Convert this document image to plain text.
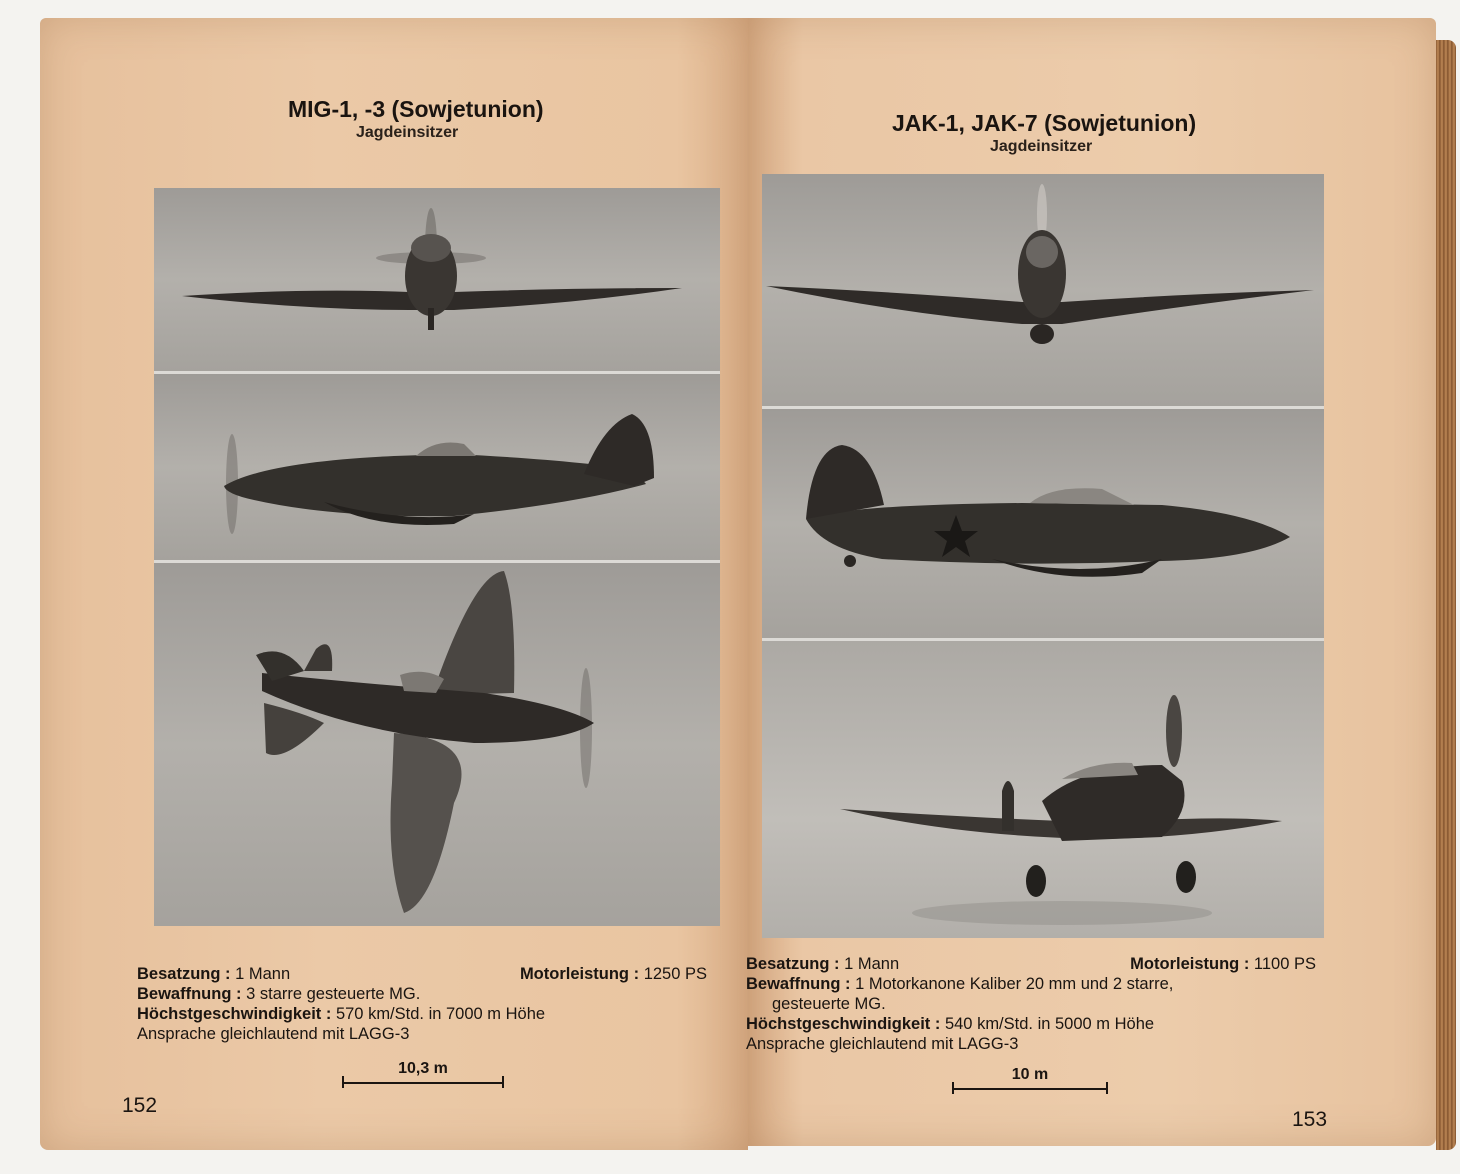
MIG-1, -3 (Sowjetunion)
Jagdeinsitzer
Besatzung : 1 Mann	Motorleistung : 1250 PS
Bewaffnung : 3 starre gesteuerte MG.
Höchstgeschwindigkeit : 570 km/Std. in 7000 m Höhe
Ansprache gleichlautend mit LAGG-3
10,3 m
152
JAK-1, JAK-7 (Sowjetunion)
Jagdeinsitzer
Besatzung : 1 Mann	Motorleistung : 1100 PS
Bewaffnung : 1 Motorkanone Kaliber 20 mm und 2 starre,
gesteuerte MG.
Höchstgeschwindigkeit : 540 km/Std. in 5000 m Höhe
Ansprache gleichlautend mit LAGG-3
10 m
153
